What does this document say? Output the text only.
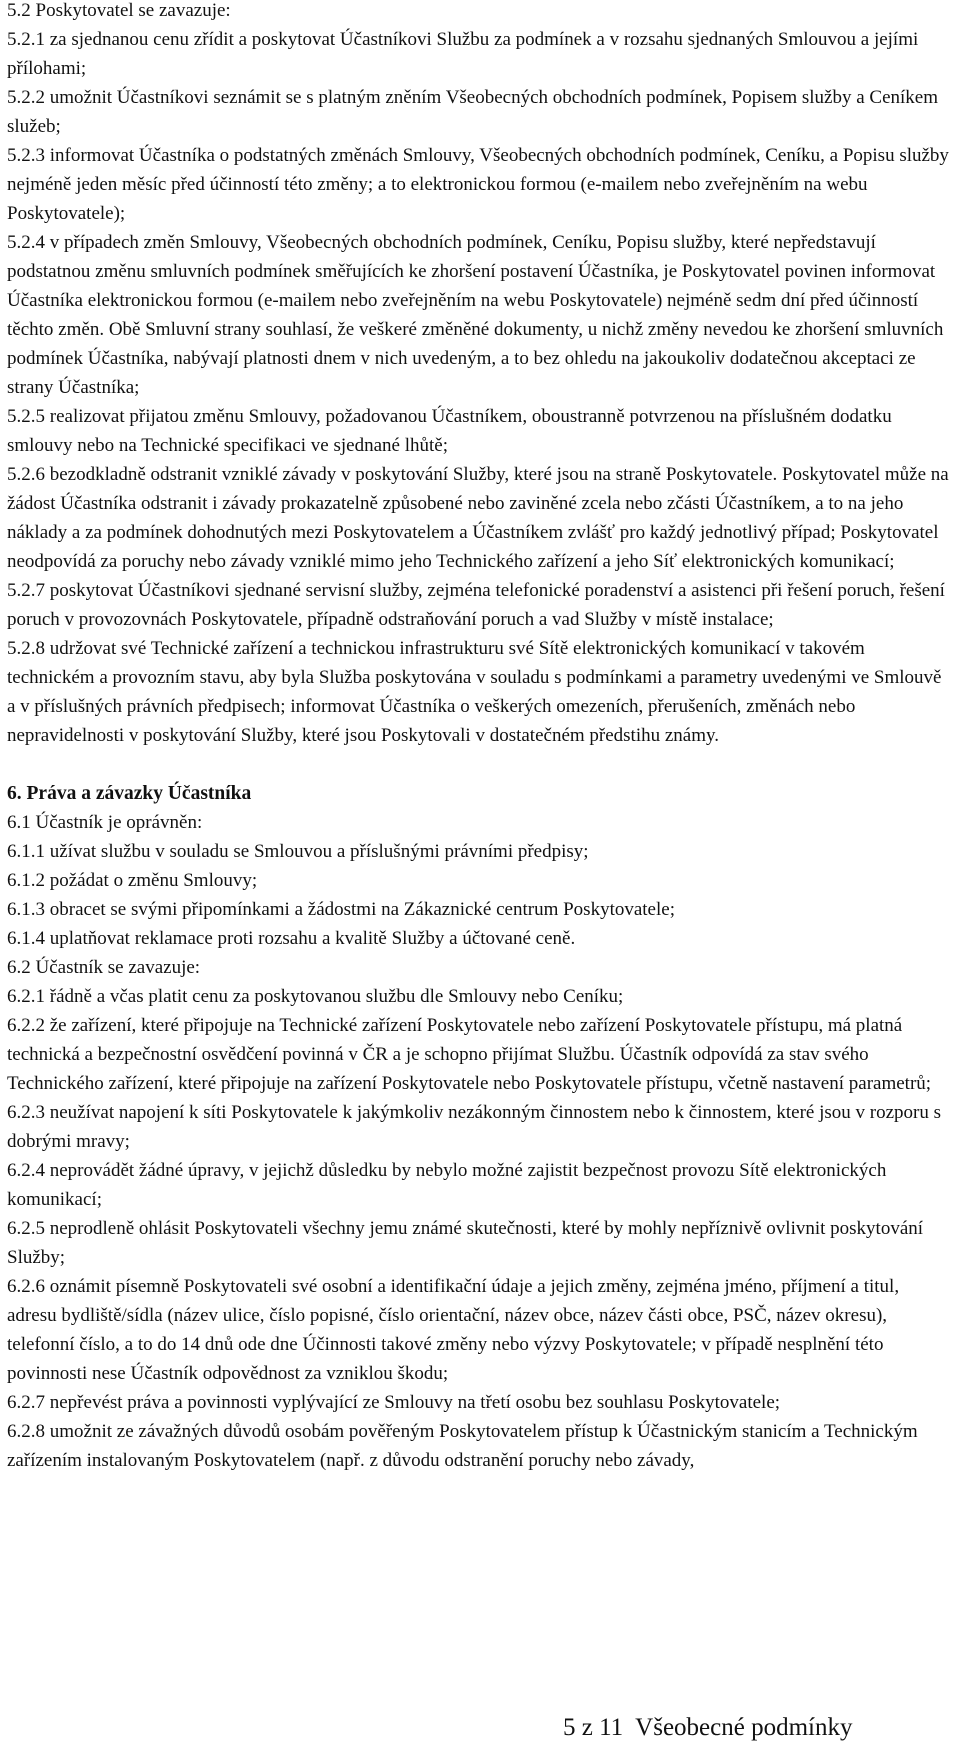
5.2 Poskytovatel se zavazuje:

5.2.1 za sjednanou cenu zřídit a poskytovat Účastníkovi Službu za podmínek a v rozsahu sjednaných Smlouvou a jejími přílohami;

5.2.2 umožnit Účastníkovi seznámit se s platným zněním Všeobecných obchodních podmínek, Popisem služby a Ceníkem služeb;

5.2.3 informovat Účastníka o podstatných změnách Smlouvy, Všeobecných obchodních podmínek, Ceníku, a Popisu služby nejméně jeden měsíc před účinností této změny; a to elektronickou formou (e-mailem nebo zveřejněním na webu Poskytovatele);

5.2.4 v případech změn Smlouvy, Všeobecných obchodních podmínek, Ceníku, Popisu služby, které nepředstavují podstatnou změnu smluvních podmínek směřujících ke zhoršení postavení Účastníka, je Poskytovatel povinen informovat Účastníka elektronickou formou (e-mailem nebo zveřejněním na webu Poskytovatele) nejméně sedm dní před účinností těchto změn. Obě Smluvní strany souhlasí, že veškeré změněné dokumenty, u nichž změny nevedou ke zhoršení smluvních podmínek Účastníka, nabývají platnosti dnem v nich uvedeným, a to bez ohledu na jakoukoliv dodatečnou akceptaci ze strany Účastníka;

5.2.5 realizovat přijatou změnu Smlouvy, požadovanou Účastníkem, oboustranně potvrzenou na příslušném dodatku smlouvy nebo na Technické specifikaci ve sjednané lhůtě;

5.2.6 bezodkladně odstranit vzniklé závady v poskytování Služby, které jsou na straně Poskytovatele. Poskytovatel může na žádost Účastníka odstranit i závady prokazatelně způsobené nebo zaviněné zcela nebo zčásti Účastníkem, a to na jeho náklady a za podmínek dohodnutých mezi Poskytovatelem a Účastníkem zvlášť pro každý jednotlivý případ; Poskytovatel neodpovídá za poruchy nebo závady vzniklé mimo jeho Technického zařízení a jeho Síť elektronických komunikací;

5.2.7 poskytovat Účastníkovi sjednané servisní služby, zejména telefonické poradenství a asistenci při řešení poruch, řešení poruch v provozovnách Poskytovatele, případně odstraňování poruch a vad Služby v místě instalace;

5.2.8 udržovat své Technické zařízení a technickou infrastrukturu své Sítě elektronických komunikací v takovém technickém a provozním stavu, aby byla Služba poskytována v souladu s podmínkami a parametry uvedenými ve Smlouvě a v příslušných právních předpisech; informovat Účastníka o veškerých omezeních, přerušeních, změnách nebo nepravidelnosti v poskytování Služby, které jsou Poskytovali v dostatečném předstihu známy.

6. Práva a závazky Účastníka

6.1 Účastník je oprávněn:

6.1.1 užívat službu v souladu se Smlouvou a příslušnými právními předpisy;

6.1.2 požádat o změnu Smlouvy;

6.1.3 obracet se svými připomínkami a žádostmi na Zákaznické centrum Poskytovatele;

6.1.4 uplatňovat reklamace proti rozsahu a kvalitě Služby a účtované ceně.

6.2 Účastník se zavazuje:

6.2.1 řádně a včas platit cenu za poskytovanou službu dle Smlouvy nebo Ceníku;

6.2.2 že zařízení, které připojuje na Technické zařízení Poskytovatele nebo zařízení Poskytovatele přístupu, má platná technická a bezpečnostní osvědčení povinná v ČR a je schopno přijímat Službu. Účastník odpovídá za stav svého Technického zařízení, které připojuje na zařízení Poskytovatele nebo Poskytovatele přístupu, včetně nastavení parametrů;

6.2.3 neužívat napojení k síti Poskytovatele k jakýmkoliv nezákonným činnostem nebo k činnostem, které jsou v rozporu s dobrými mravy;

6.2.4 neprovádět žádné úpravy, v jejichž důsledku by nebylo možné zajistit bezpečnost provozu Sítě elektronických komunikací;

6.2.5 neprodleně ohlásit Poskytovateli všechny jemu známé skutečnosti, které by mohly nepříznivě ovlivnit poskytování Služby;

6.2.6 oznámit písemně Poskytovateli své osobní a identifikační údaje a jejich změny, zejména jméno, příjmení a titul, adresu bydliště/sídla (název ulice, číslo popisné, číslo orientační, název obce, název části obce, PSČ, název okresu), telefonní číslo, a to do 14 dnů ode dne Účinnosti takové změny nebo výzvy Poskytovatele; v případě nesplnění této povinnosti nese Účastník odpovědnost za vzniklou škodu;

6.2.7 nepřevést práva a povinnosti vyplývající ze Smlouvy na třetí osobu bez souhlasu Poskytovatele;

6.2.8 umožnit ze závažných důvodů osobám pověřeným Poskytovatelem přístup k Účastnickým stanicím a Technickým zařízením instalovaným Poskytovatelem (např. z důvodu odstranění poruchy nebo závady,

5 z 11 Všeobecné podmínky
